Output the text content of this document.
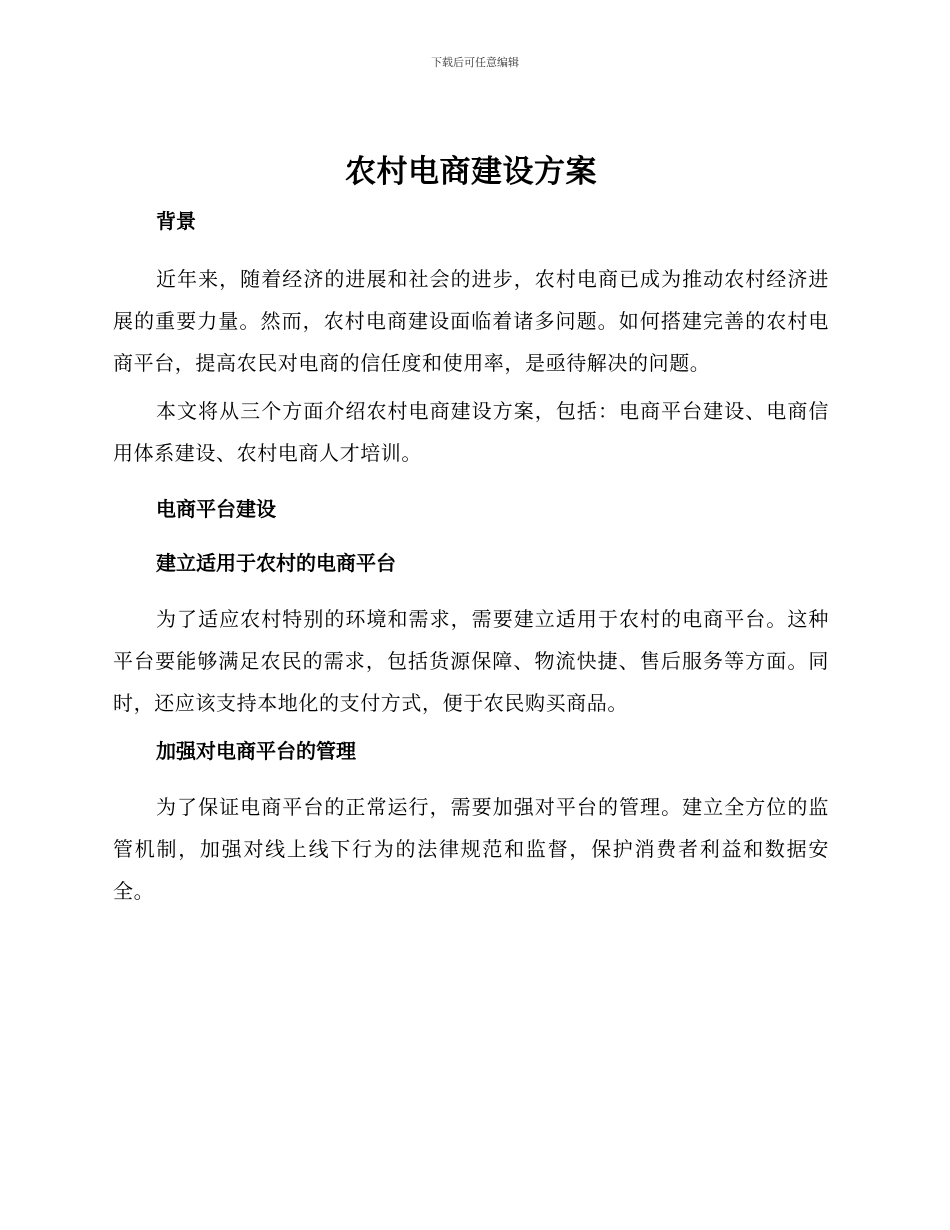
下载后可任意编辑
农村电商建设方案
背景

近年来，随着经济的进展和社会的进步，农村电商已成为推动农村经济进展的重要力量。然而，农村电商建设面临着诸多问题。如何搭建完善的农村电商平台，提高农民对电商的信任度和使用率，是亟待解决的问题。

本文将从三个方面介绍农村电商建设方案，包括：电商平台建设、电商信用体系建设、农村电商人才培训。

电商平台建设
建立适用于农村的电商平台

为了适应农村特别的环境和需求，需要建立适用于农村的电商平台。这种平台要能够满足农民的需求，包括货源保障、物流快捷、售后服务等方面。同时，还应该支持本地化的支付方式，便于农民购买商品。

加强对电商平台的管理

为了保证电商平台的正常运行，需要加强对平台的管理。建立全方位的监管机制，加强对线上线下行为的法律规范和监督，保护消费者利益和数据安全。
